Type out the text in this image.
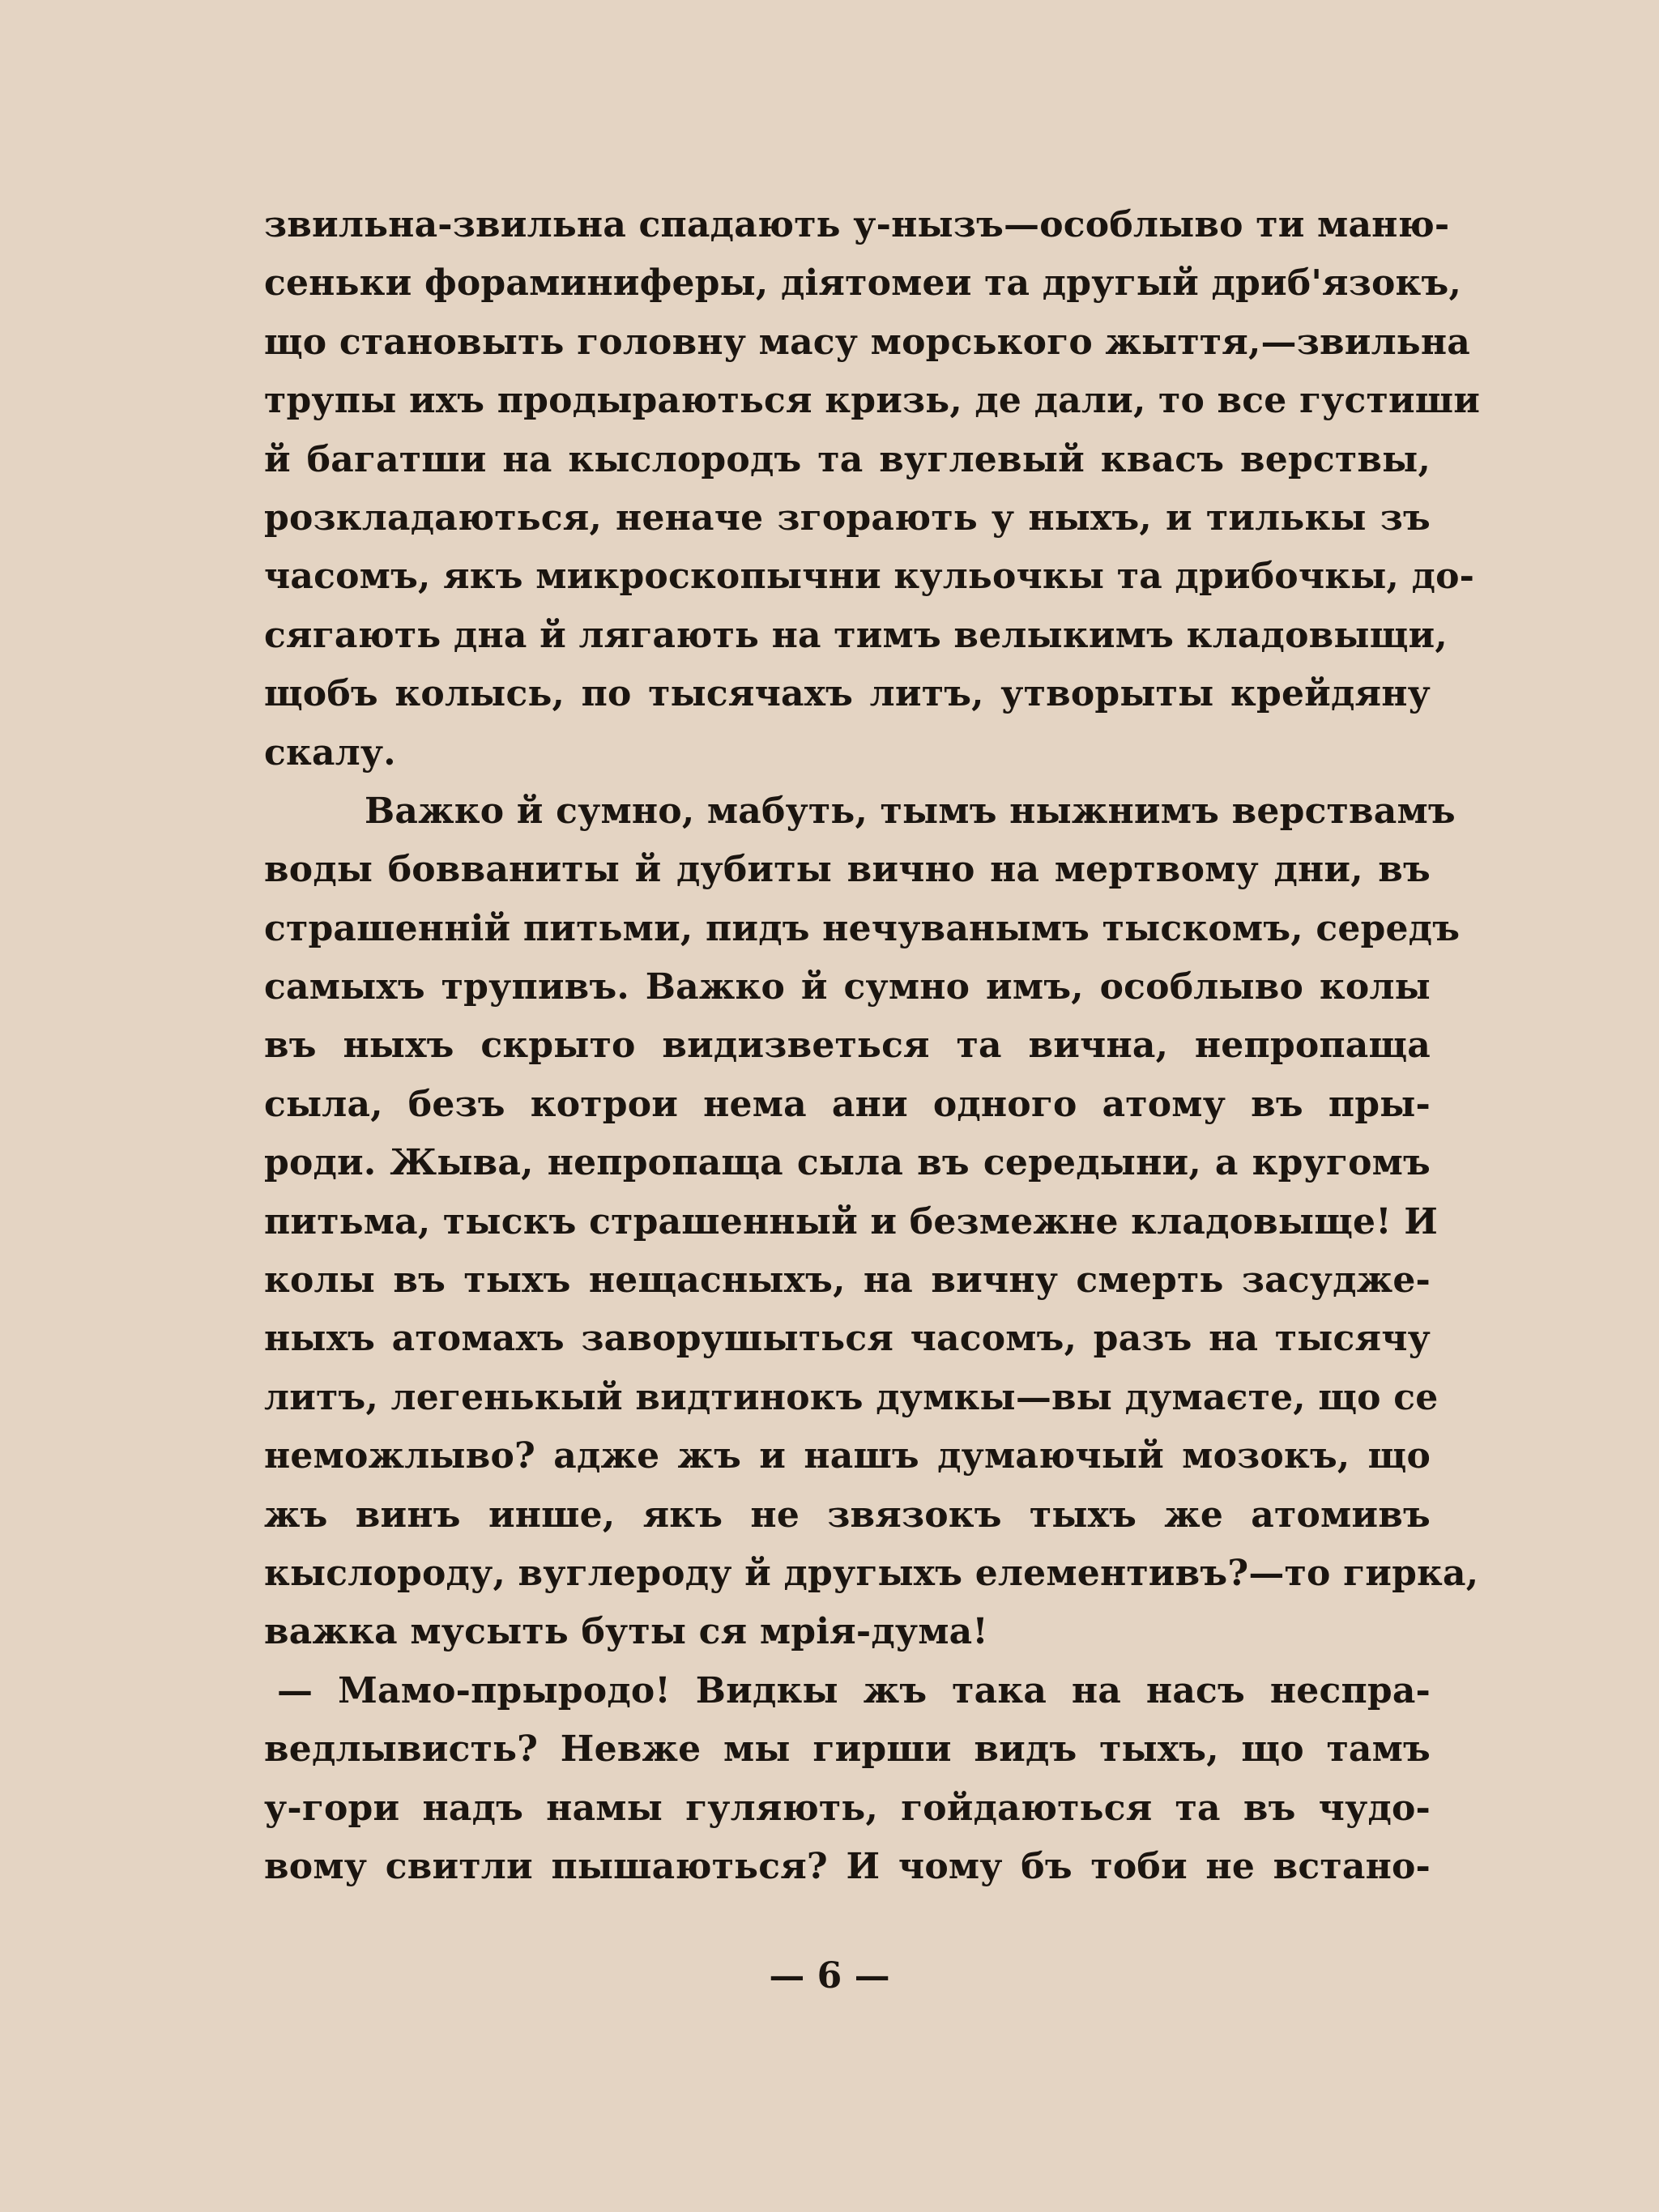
звильна-звильна спадають у-нызъ—особлыво ти маню-
сеньки фораминиферы, діятомеи та другый дриб'язокъ,
що становыть головну масу морського жыття,—звильна
трупы ихъ продыраються кризь, де дали, то все густиши
й багатши на кыслородъ та вуглевый квасъ верствы,
розкладаються, неначе згорають у ныхъ, и тилькы зъ
часомъ, якъ микроскопычни кульочкы та дрибочкы, до-
сягають дна й лягають на тимъ велыкимъ кладовыщи,
щобъ колысь, по тысячахъ литъ, утворыты крейдяну
скалу.
Важко й сумно, мабуть, тымъ ныжнимъ верствамъ
воды бовваниты й дубиты вично на мертвому дни, въ
страшенній питьми, пидъ нечуванымъ тыскомъ, середъ
самыхъ трупивъ. Важко й сумно имъ, особлыво колы
въ ныхъ скрыто видизветься та вична, непропаща
сыла, безъ котрои нема ани одного атому въ пры-
роди. Жыва, непропаща сыла въ середыни, а кругомъ
питьма, тыскъ страшенный и безмежне кладовыще! И
колы въ тыхъ нещасныхъ, на вичну смерть засудже-
ныхъ атомахъ заворушыться часомъ, разъ на тысячу
литъ, легенькый видтинокъ думкы—вы думаєте, що се
неможлыво? адже жъ и нашъ думаючый мозокъ, що
жъ винъ инше, якъ не звязокъ тыхъ же атомивъ
кыслороду, вуглероду й другыхъ елементивъ?—то гирка,
важка мусыть буты ся мрія-дума!
— Мамо-прыродо! Видкы жъ така на насъ неспра-
ведлывисть? Невже мы гирши видъ тыхъ, що тамъ
у-гори надъ намы гуляють, гойдаються та въ чудо-
вому свитли пышаються? И чому бъ тоби не встано-
— 6 —
